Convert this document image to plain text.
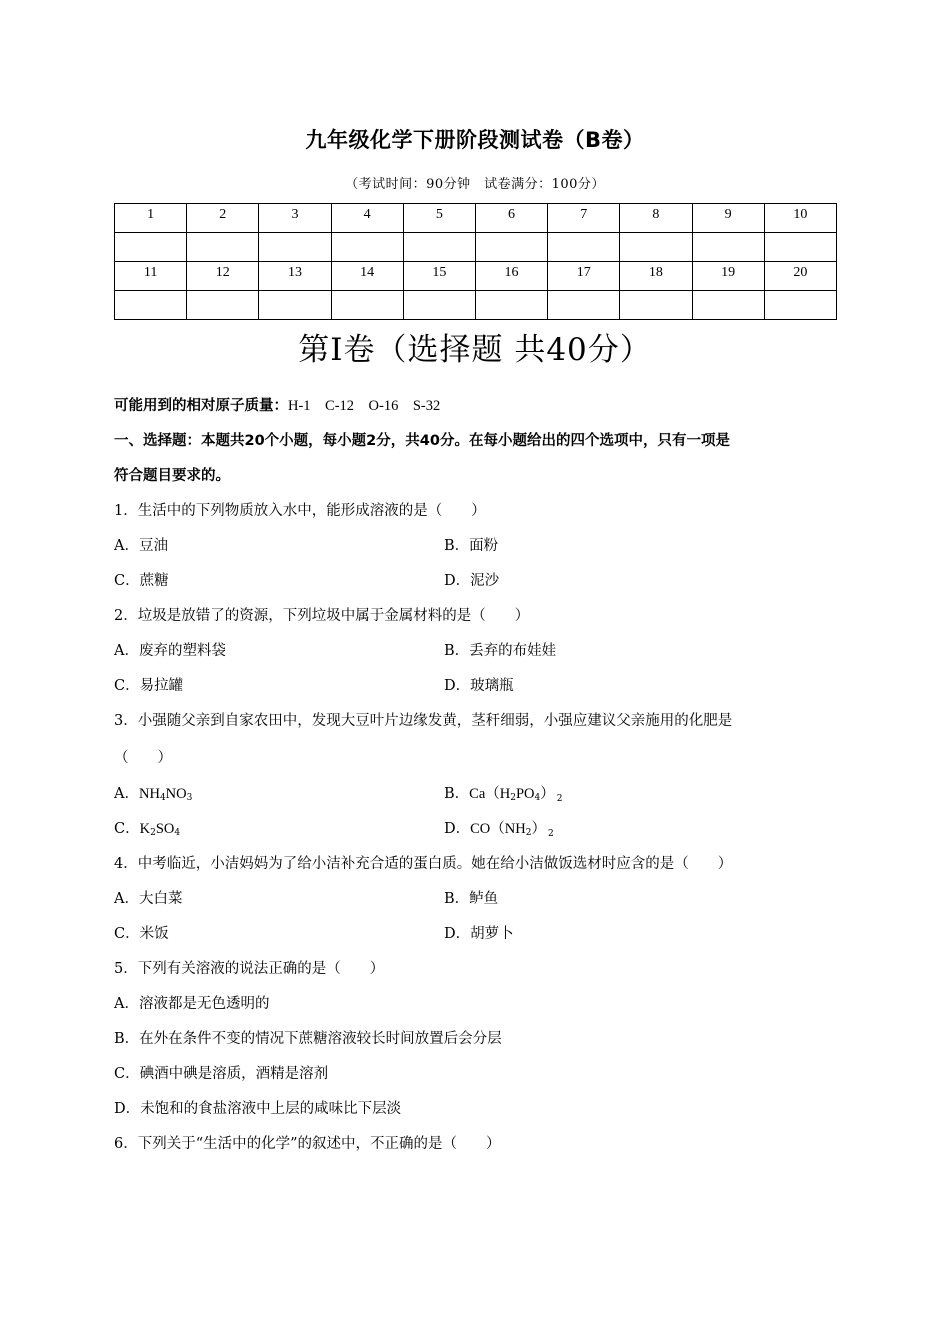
九年级化学下册阶段测试卷（B卷）
（考试时间：90分钟　试卷满分：100分）
1	2	3	4	5	6	7	8	9	10

11	12	13	14	15	16	17	18	19	20

第Ⅰ卷（选择题 共40分）
可能用到的相对原子质量：H-1　C-12　O-16　S-32
一、选择题：本题共20个小题，每小题2分，共40分。在每小题给出的四个选项中，只有一项是
符合题目要求的。
1．生活中的下列物质放入水中，能形成溶液的是（　　）
A．豆油	B．面粉
C．蔗糖	D．泥沙
2．垃圾是放错了的资源，下列垃圾中属于金属材料的是（　　）
A．废弃的塑料袋	B．丢弃的布娃娃
C．易拉罐	D．玻璃瓶
3．小强随父亲到自家农田中，发现大豆叶片边缘发黄，茎秆细弱，小强应建议父亲施用的化肥是
（　　）
A．$NH_4NO_3$	B．$Ca(H_2PO_4)$ $_2$
C．$K_2SO_4$	D．$CO(NH_2)$ $_2$
4．中考临近，小洁妈妈为了给小洁补充合适的蛋白质。她在给小洁做饭选材时应含的是（　　）
A．大白菜	B．鲈鱼
C．米饭	D．胡萝卜
5．下列有关溶液的说法正确的是（　　）
A．溶液都是无色透明的
B．在外在条件不变的情况下蔗糖溶液较长时间放置后会分层
C．碘酒中碘是溶质，酒精是溶剂
D．未饱和的食盐溶液中上层的咸味比下层淡
6．下列关于“生活中的化学”的叙述中，不正确的是（　　）
